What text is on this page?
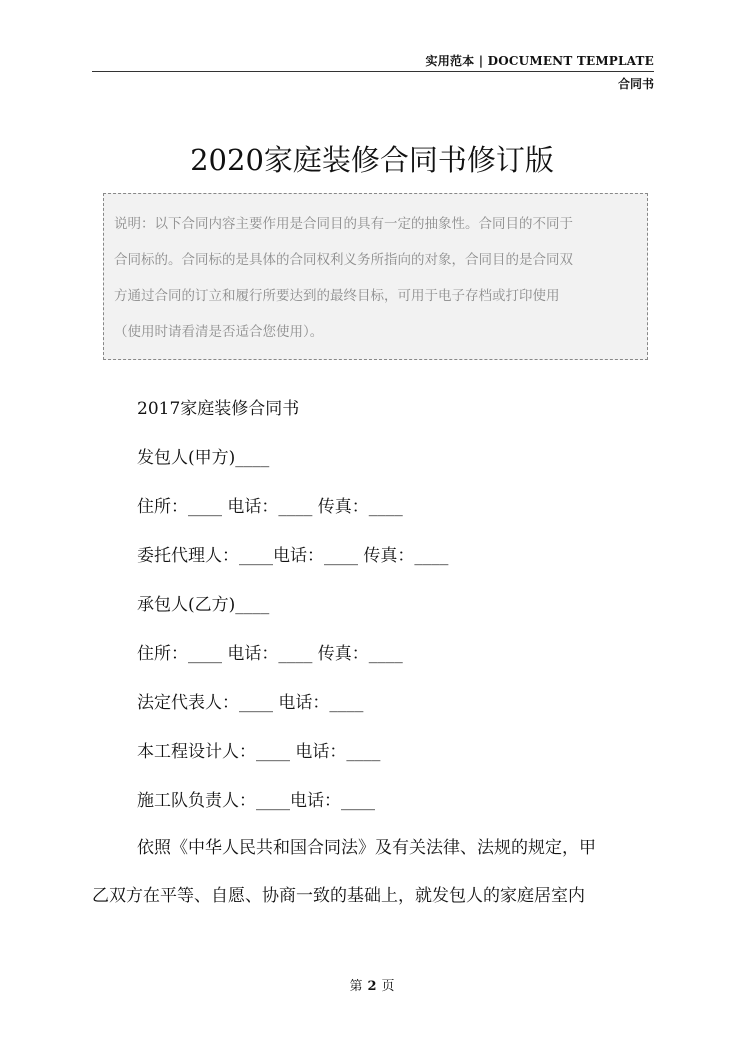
实用范本 | DOCUMENT TEMPLATE
合同书
2020家庭装修合同书修订版

说明：以下合同内容主要作用是合同目的具有一定的抽象性。合同目的不同于

合同标的。合同标的是具体的合同权利义务所指向的对象，合同目的是合同双

方通过合同的订立和履行所要达到的最终目标，可用于电子存档或打印使用

（使用时请看清是否适合您使用）。

2017家庭装修合同书
发包人(甲方)____
住所：____ 电话：____ 传真：____
委托代理人：____电话：____ 传真：____
承包人(乙方)____
住所：____ 电话：____ 传真：____
法定代表人：____ 电话：____
本工程设计人：____ 电话：____
施工队负责人：____电话：____
依照《中华人民共和国合同法》及有关法律、法规的规定，甲
乙双方在平等、自愿、协商一致的基础上，就发包人的家庭居室内
第 2 页
